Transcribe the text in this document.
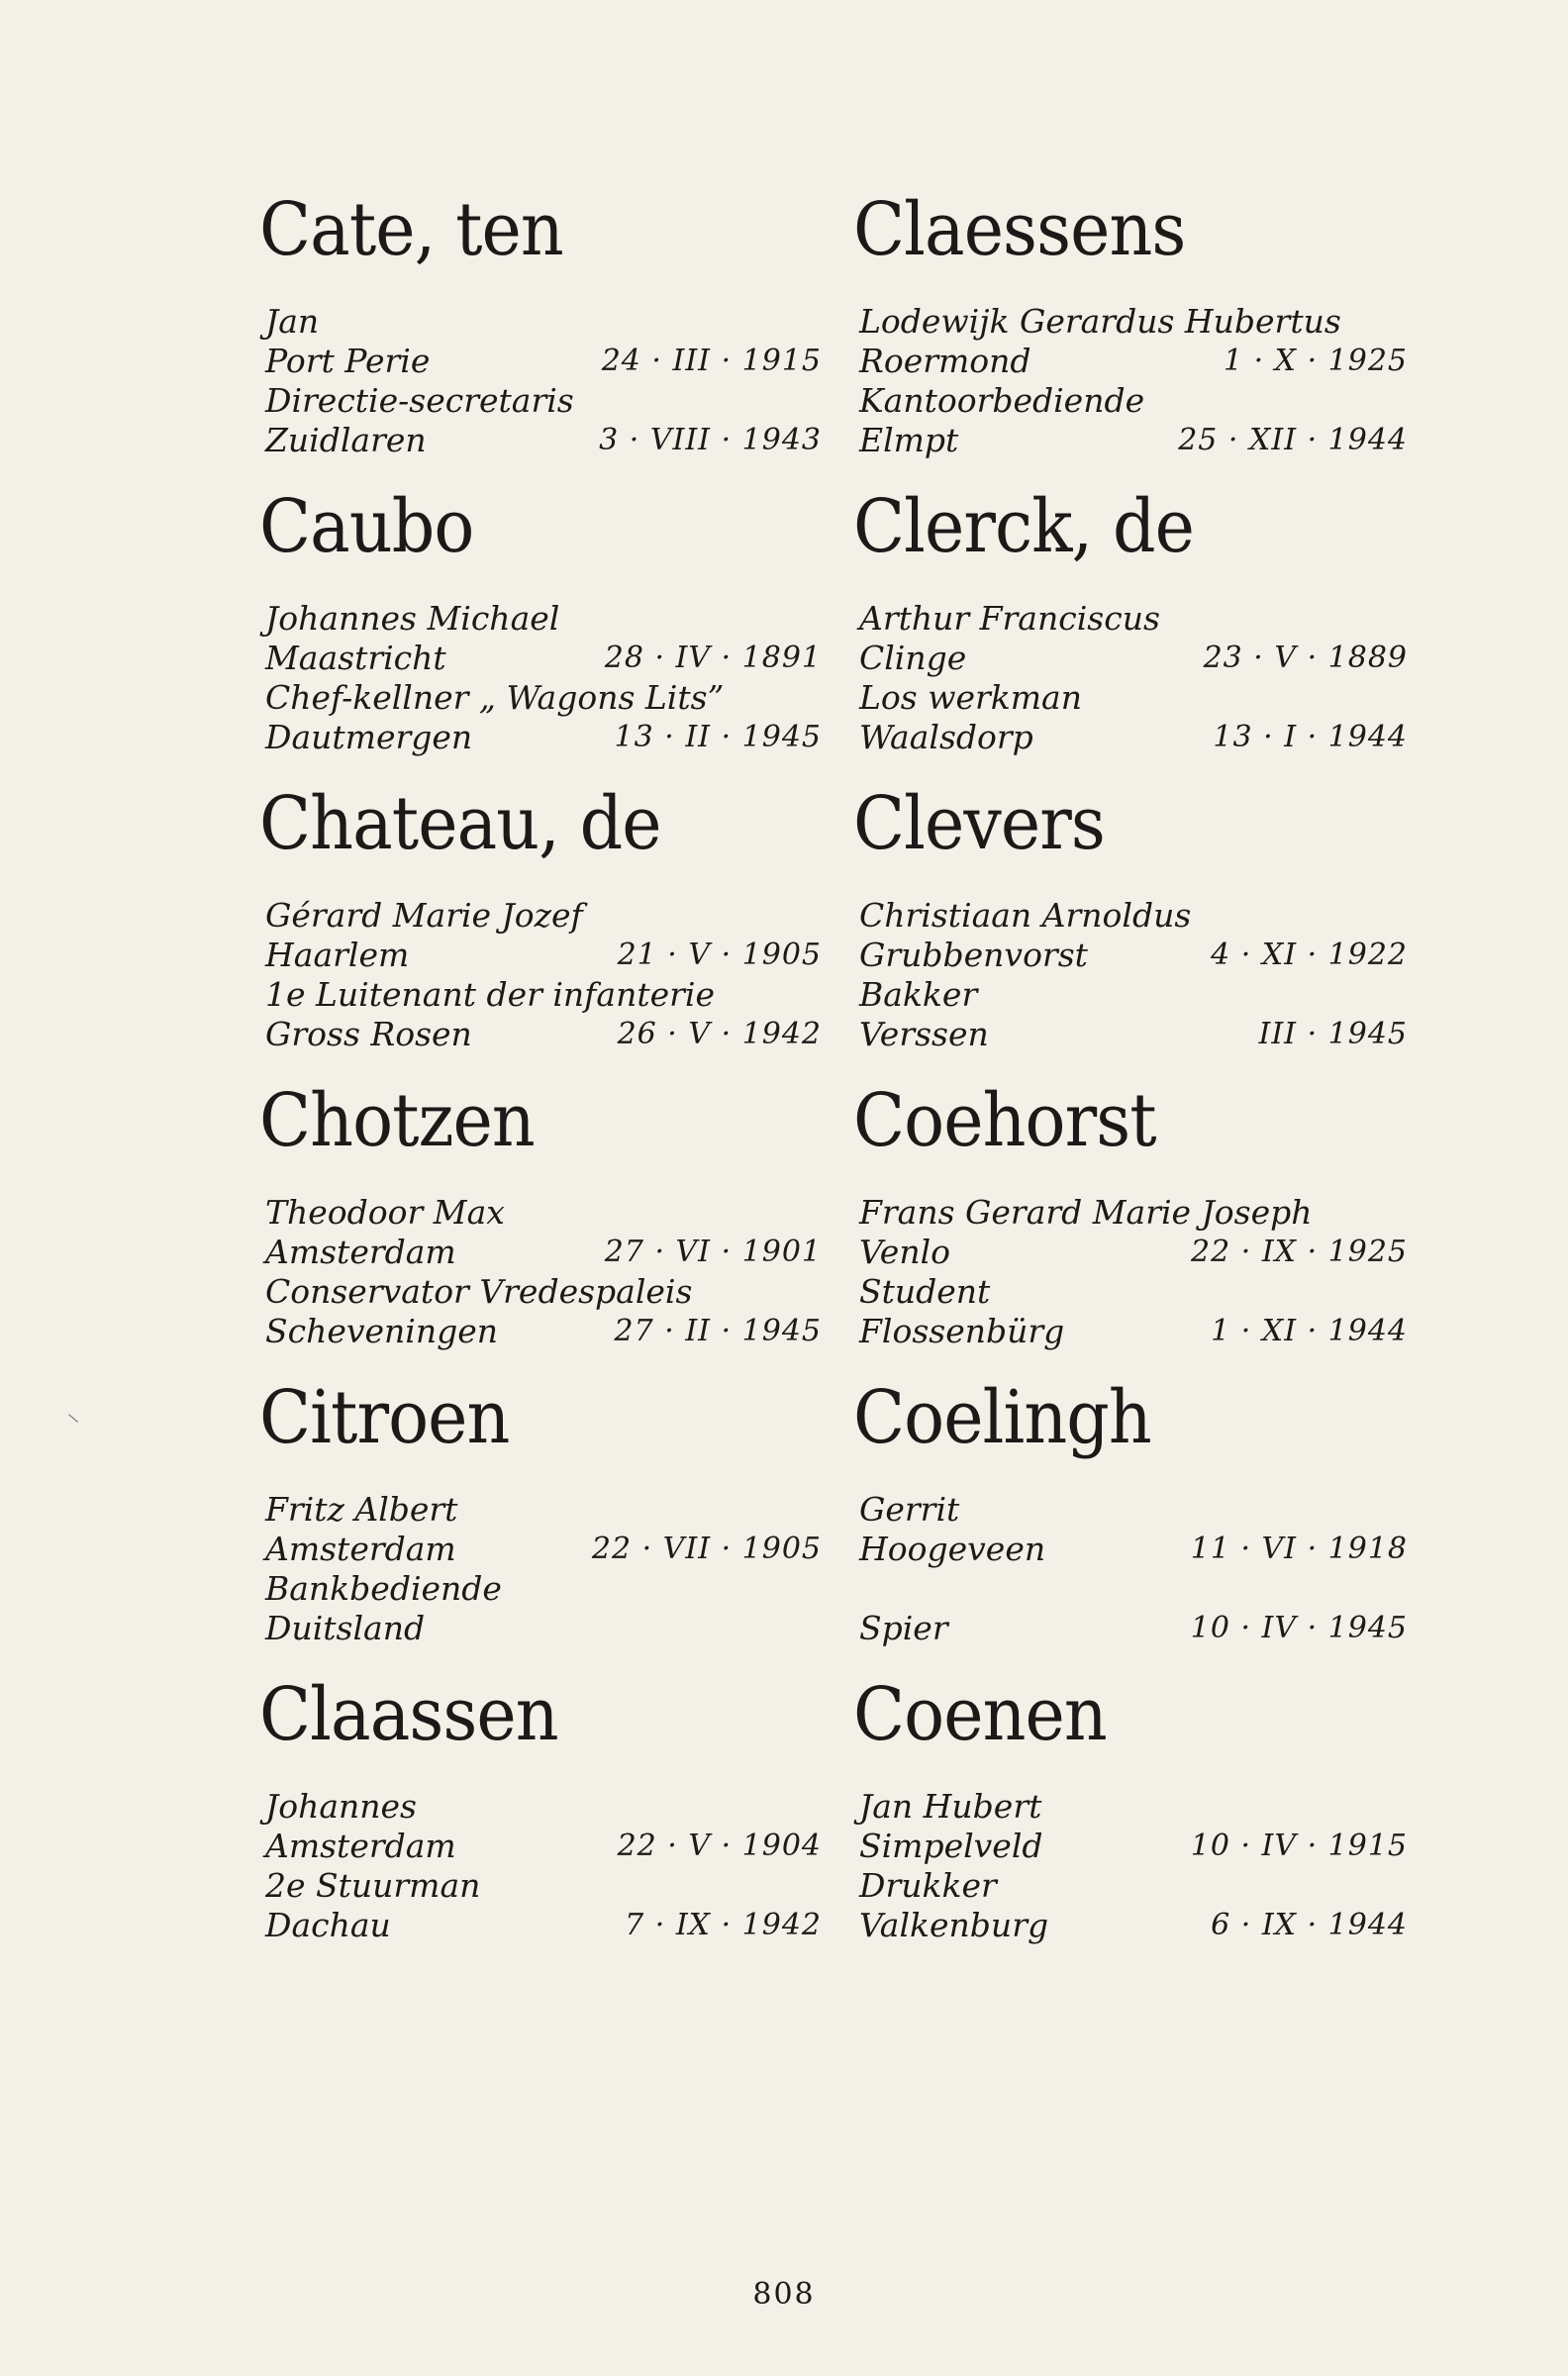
Cate, ten
Jan
Port Perie	24 · III · 1915
Directie-secretaris
Zuidlaren	3 · VIII · 1943
Caubo
Johannes Michael
Maastricht	28 · IV · 1891
Chef-kellner „ Wagons Lits”
Dautmergen	13 · II · 1945
Chateau, de
Gérard Marie Jozef
Haarlem	21 · V · 1905
1e Luitenant der infanterie
Gross Rosen	26 · V · 1942
Chotzen
Theodoor Max
Amsterdam	27 · VI · 1901
Conservator Vredespaleis
Scheveningen	27 · II · 1945
Citroen
Fritz Albert
Amsterdam	22 · VII · 1905
Bankbediende
Duitsland
Claassen
Johannes
Amsterdam	22 · V · 1904
2e Stuurman
Dachau	7 · IX · 1942
Claessens
Lodewijk Gerardus Hubertus
Roermond	1 · X · 1925
Kantoorbediende
Elmpt	25 · XII · 1944
Clerck, de
Arthur Franciscus
Clinge	23 · V · 1889
Los werkman
Waalsdorp	13 · I · 1944
Clevers
Christiaan Arnoldus
Grubbenvorst	4 · XI · 1922
Bakker
Verssen	III · 1945
Coehorst
Frans Gerard Marie Joseph
Venlo	22 · IX · 1925
Student
Flossenbürg	1 · XI · 1944
Coelingh
Gerrit
Hoogeveen	11 · VI · 1918
Spier	10 · IV · 1945
Coenen
Jan Hubert
Simpelveld	10 · IV · 1915
Drukker
Valkenburg	6 · IX · 1944
808
